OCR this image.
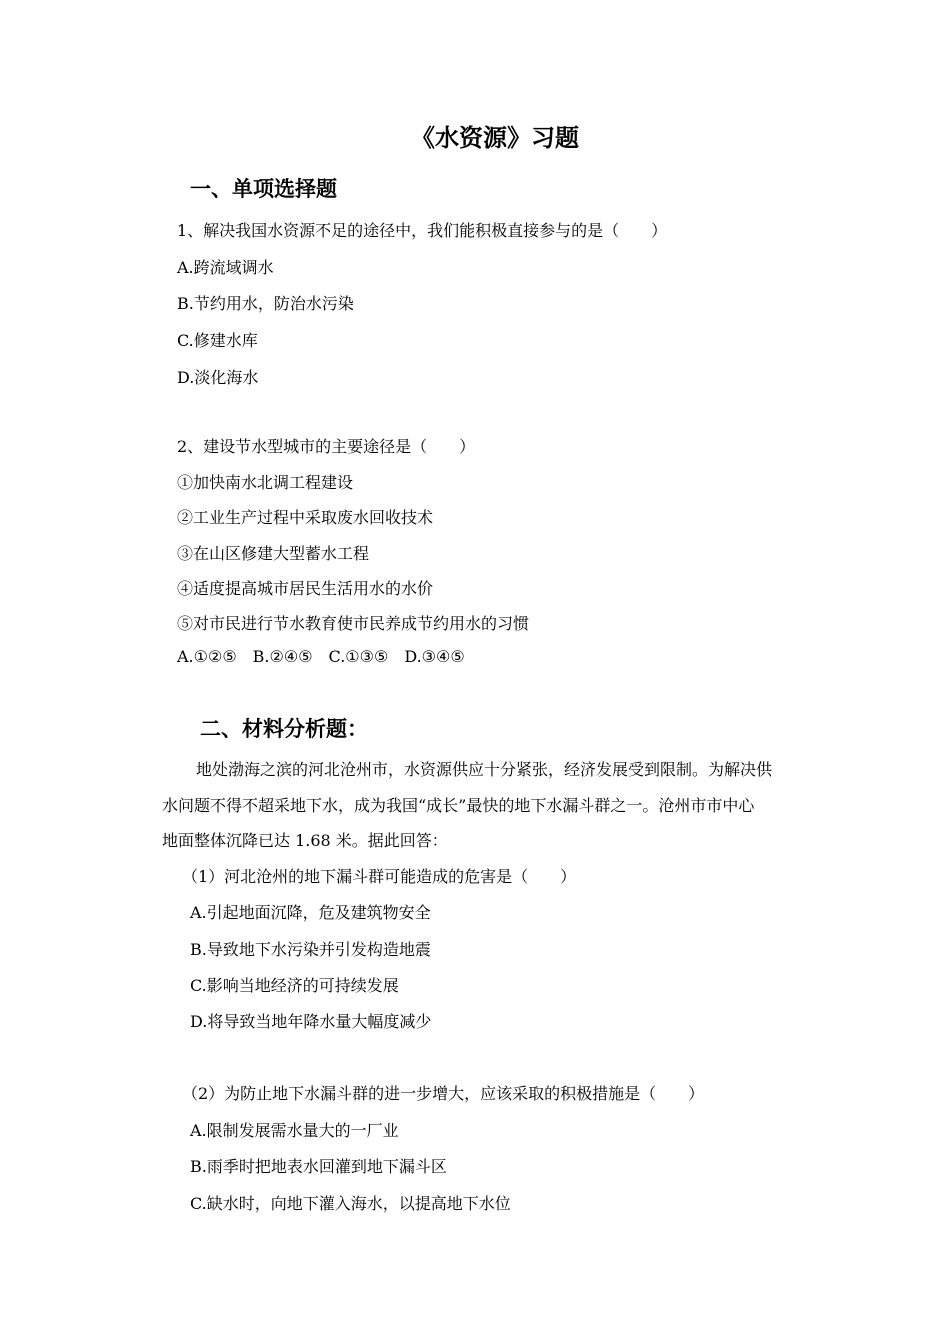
《水资源》习题
一、单项选择题
1、解决我国水资源不足的途径中，我们能积极直接参与的是（　　）
A.跨流域调水
B.节约用水，防治水污染
C.修建水库
D.淡化海水
2、建设节水型城市的主要途径是（　　）
①加快南水北调工程建设
②工业生产过程中采取废水回收技术
③在山区修建大型蓄水工程
④适度提高城市居民生活用水的水价
⑤对市民进行节水教育使市民养成节约用水的习惯
A.①②⑤　B.②④⑤　C.①③⑤　D.③④⑤
二、材料分析题：
地处渤海之滨的河北沧州市，水资源供应十分紧张，经济发展受到限制。为解决供
水问题不得不超采地下水，成为我国“成长”最快的地下水漏斗群之一。沧州市市中心
地面整体沉降已达 1.68 米。据此回答：
（1）河北沧州的地下漏斗群可能造成的危害是（　　）
A.引起地面沉降，危及建筑物安全
B.导致地下水污染并引发构造地震
C.影响当地经济的可持续发展
D.将导致当地年降水量大幅度减少
（2）为防止地下水漏斗群的进一步增大，应该采取的积极措施是（　　）
A.限制发展需水量大的一厂业
B.雨季时把地表水回灌到地下漏斗区
C.缺水时，向地下灌入海水，以提高地下水位
